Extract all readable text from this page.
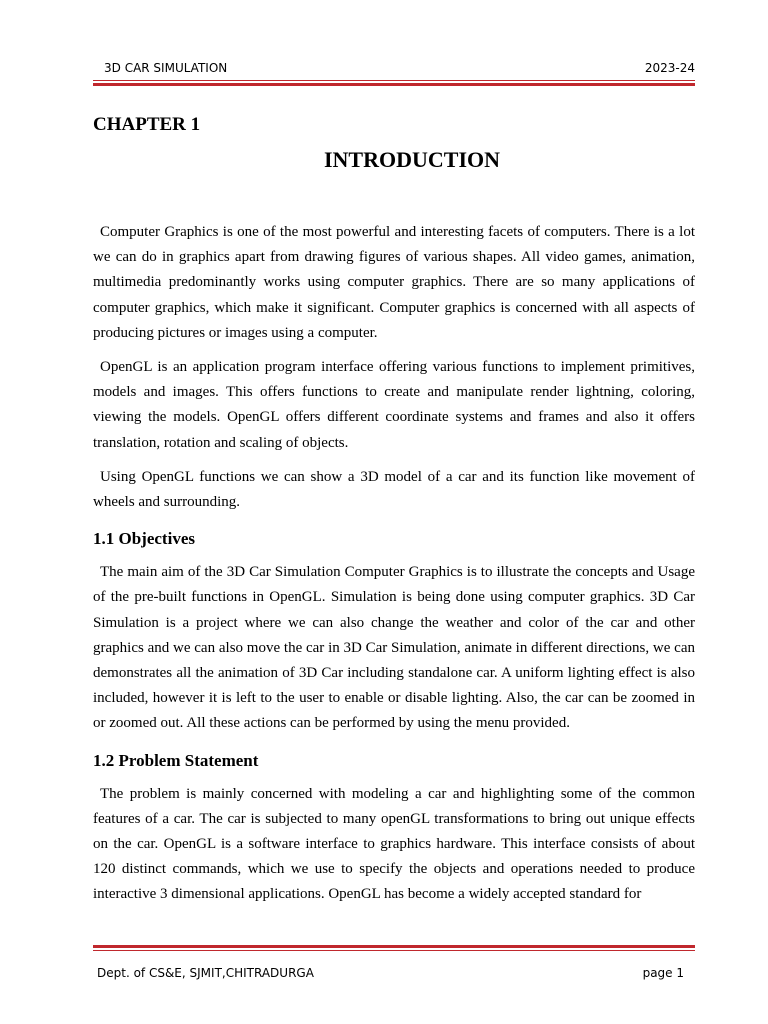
3D CAR SIMULATION	2023-24
CHAPTER 1
INTRODUCTION

Computer Graphics is one of the most powerful and interesting facets of computers. There is a lot we can do in graphics apart from drawing figures of various shapes. All video games, animation, multimedia predominantly works using computer graphics. There are so many applications of computer graphics, which make it significant. Computer graphics is concerned with all aspects of producing pictures or images using a computer.

OpenGL is an application program interface offering various functions to implement primitives, models and images. This offers functions to create and manipulate render lightning, coloring, viewing the models. OpenGL offers different coordinate systems and frames and also it offers translation, rotation and scaling of objects.

Using OpenGL functions we can show a 3D model of a car and its function like movement of wheels and surrounding.

1.1 Objectives

The main aim of the 3D Car Simulation Computer Graphics is to illustrate the concepts and Usage of the pre-built functions in OpenGL. Simulation is being done using computer graphics. 3D Car Simulation is a project where we can also change the weather and color of the car and other graphics and we can also move the car in 3D Car Simulation, animate in different directions, we can demonstrates all the animation of 3D Car including standalone car. A uniform lighting effect is also included, however it is left to the user to enable or disable lighting. Also, the car can be zoomed in or zoomed out. All these actions can be performed by using the menu provided.

1.2 Problem Statement

The problem is mainly concerned with modeling a car and highlighting some of the common features of a car. The car is subjected to many openGL transformations to bring out unique effects on the car. OpenGL is a software interface to graphics hardware. This interface consists of about 120 distinct commands, which we use to specify the objects and operations needed to produce interactive 3 dimensional applications. OpenGL has become a widely accepted standard for

Dept. of CS&E, SJMIT,CHITRADURGA	page 1
